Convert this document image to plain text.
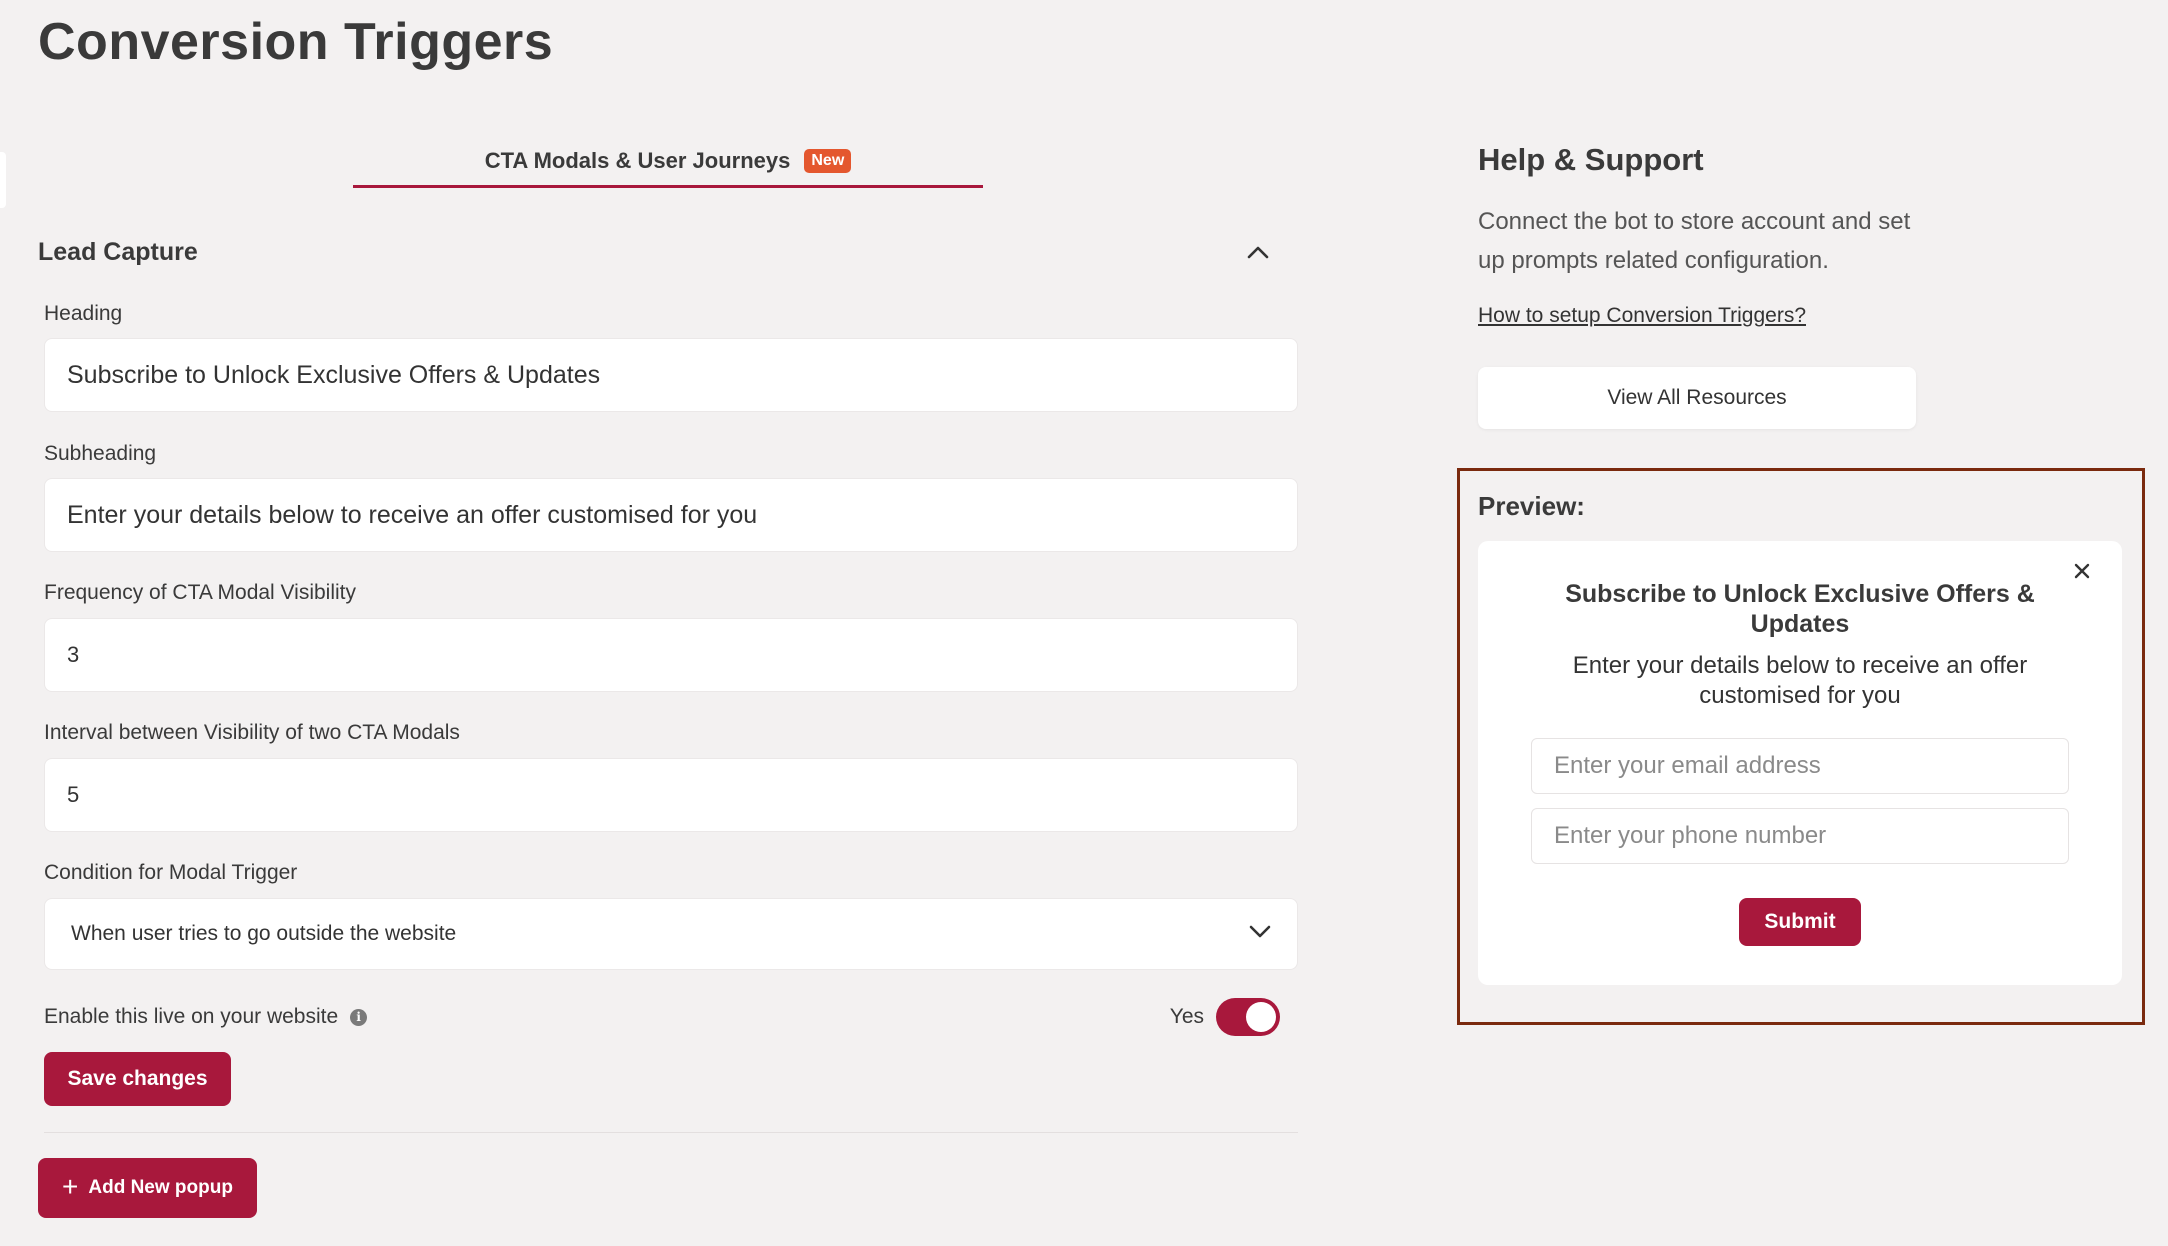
Conversion Triggers
CTA Modals & User Journeys	New
Lead Capture
Heading
Subscribe to Unlock Exclusive Offers & Updates
Subheading
Enter your details below to receive an offer customised for you
Frequency of CTA Modal Visibility
3
Interval between Visibility of two CTA Modals
5
Condition for Modal Trigger
When user tries to go outside the website
Enable this live on your website	i	Yes
Save changes
+ Add New popup
Help & Support

Connect the bot to store account and set up prompts related configuration.

How to setup Conversion Triggers?
View All Resources
Preview:
Subscribe to Unlock Exclusive Offers & Updates
Enter your details below to receive an offer customised for you
Enter your email address
Enter your phone number
Submit
